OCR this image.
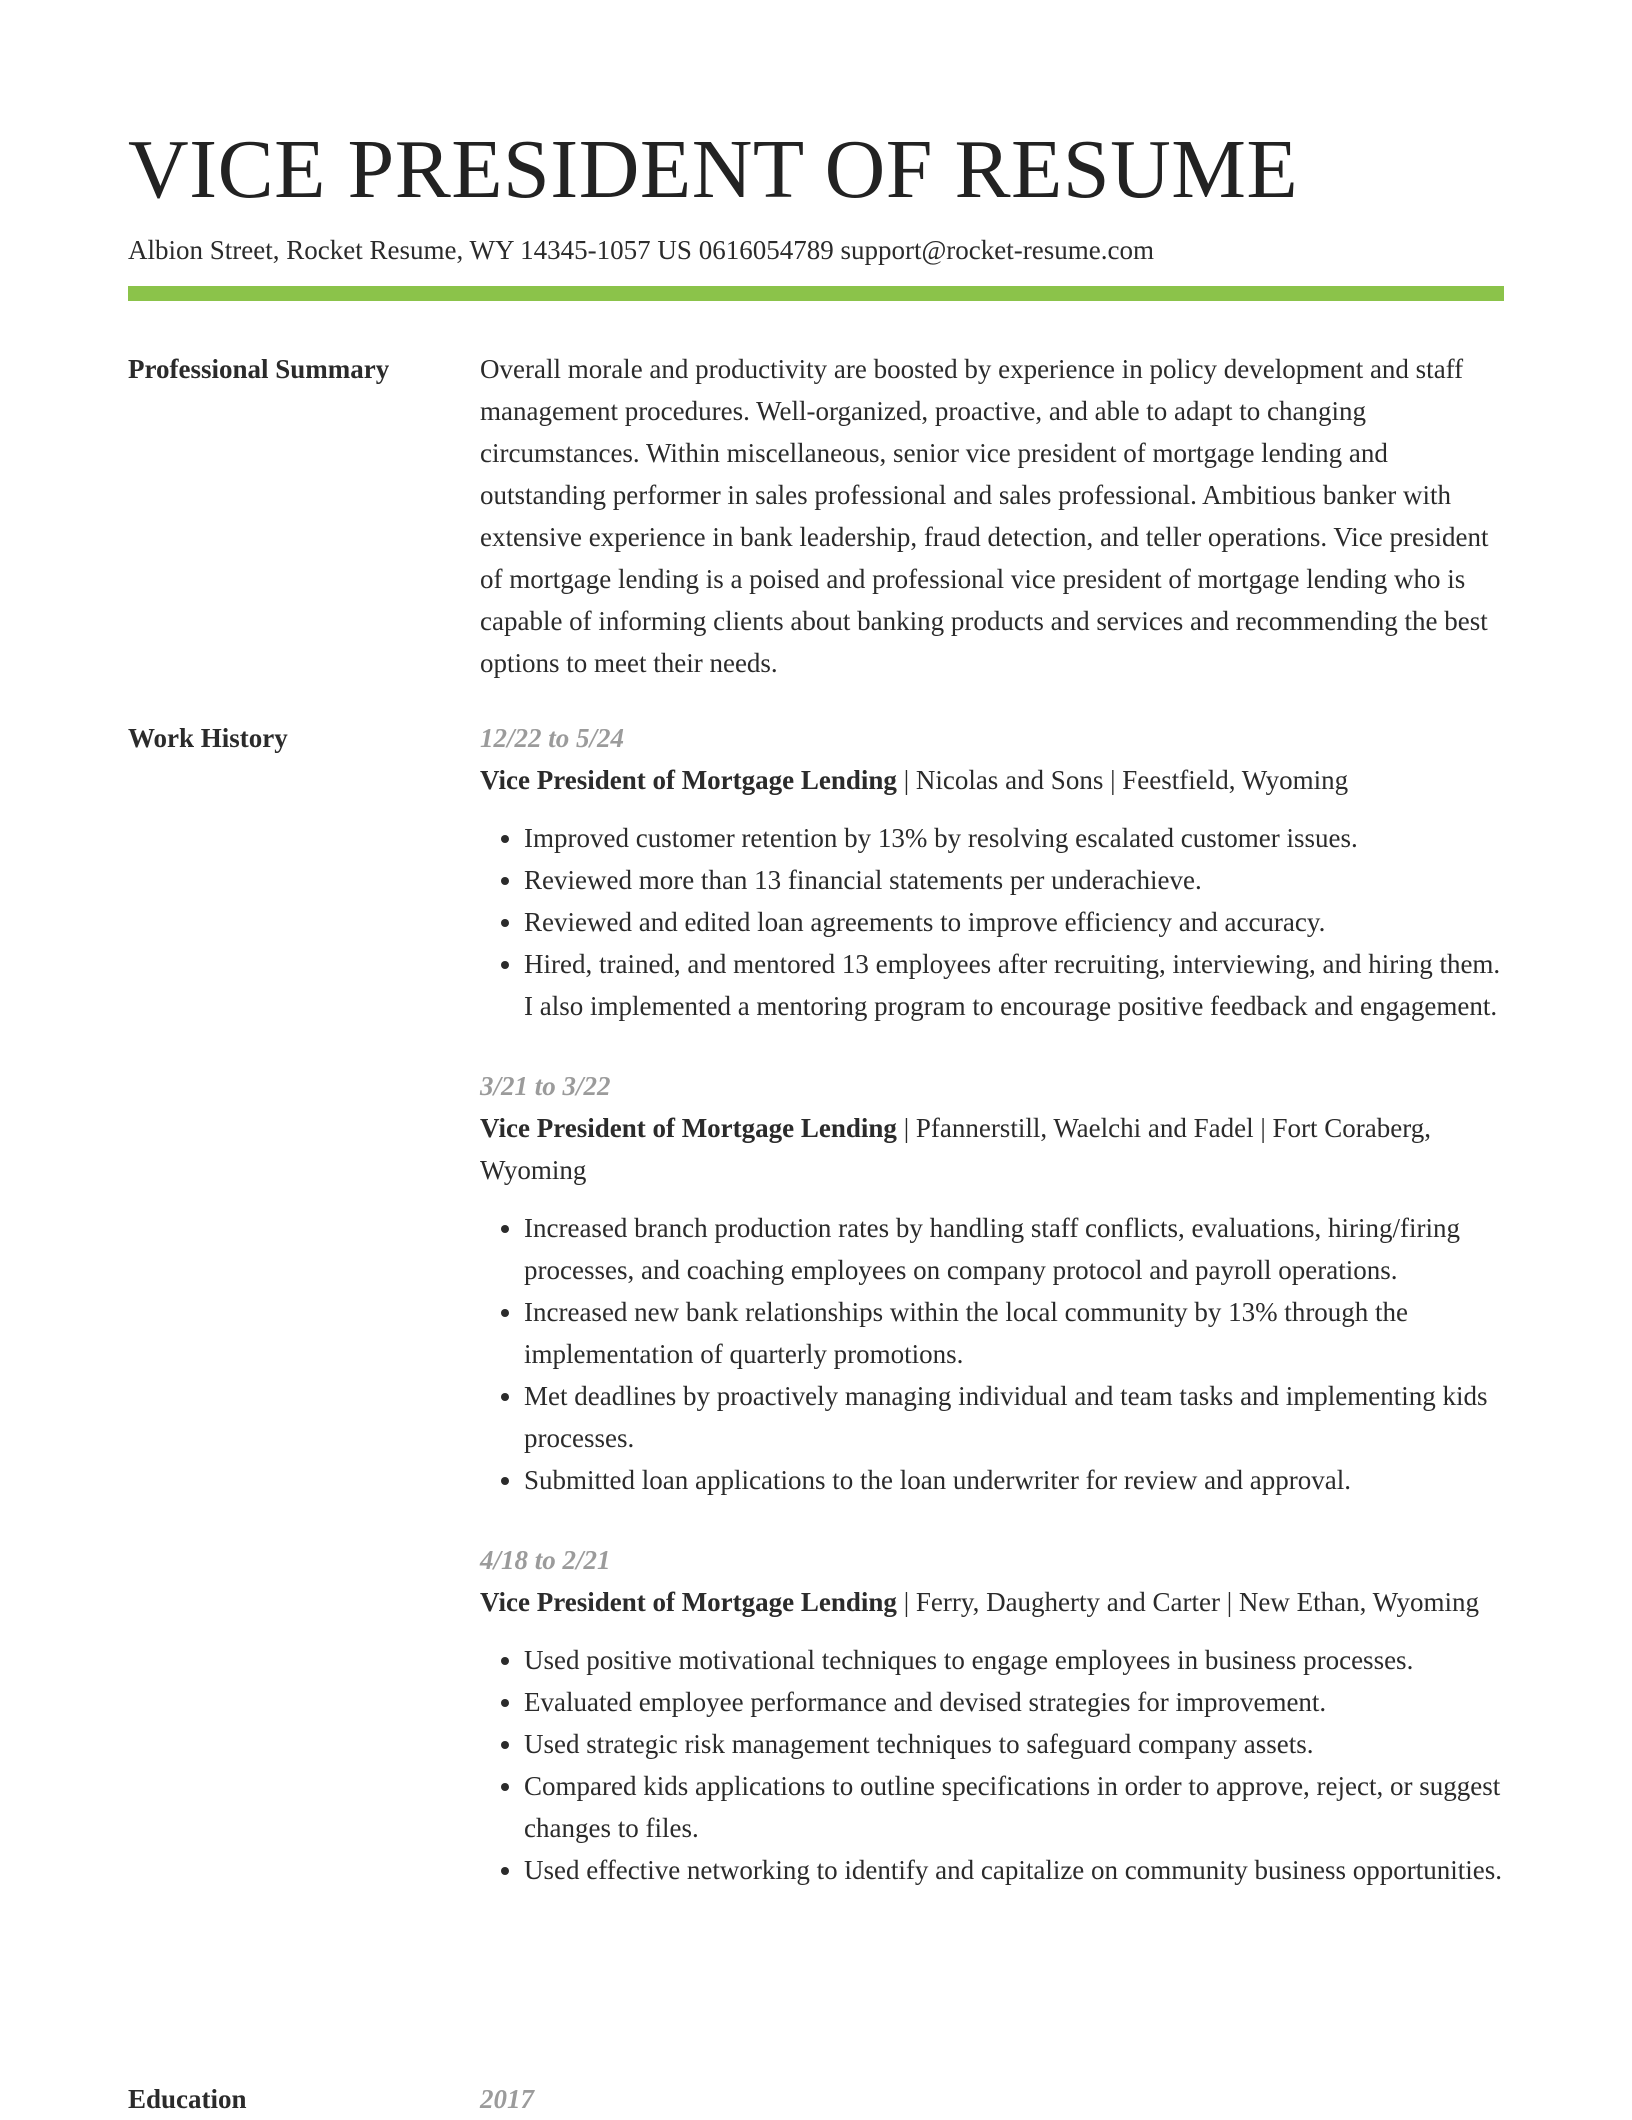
VICE PRESIDENT OF RESUME
Albion Street, Rocket Resume, WY 14345-1057 US 0616054789 support@rocket-resume.com
Professional Summary	Overall morale and productivity are boosted by experience in policy development and staff management procedures. Well-organized, proactive, and able to adapt to changing circumstances. Within miscellaneous, senior vice president of mortgage lending and outstanding performer in sales professional and sales professional. Ambitious banker with extensive experience in bank leadership, fraud detection, and teller operations. Vice president of mortgage lending is a poised and professional vice president of mortgage lending who is capable of informing clients about banking products and services and recommending the best options to meet their needs.

Work History	12/22 to 5/24
Vice President of Mortgage Lending | Nicolas and Sons | Feestfield, Wyoming
• Improved customer retention by 13% by resolving escalated customer issues.
• Reviewed more than 13 financial statements per underachieve.
• Reviewed and edited loan agreements to improve efficiency and accuracy.
• Hired, trained, and mentored 13 employees after recruiting, interviewing, and hiring them. I also implemented a mentoring program to encourage positive feedback and engagement.
3/21 to 3/22
Vice President of Mortgage Lending | Pfannerstill, Waelchi and Fadel | Fort Coraberg, Wyoming
• Increased branch production rates by handling staff conflicts, evaluations, hiring/firing processes, and coaching employees on company protocol and payroll operations.
• Increased new bank relationships within the local community by 13% through the implementation of quarterly promotions.
• Met deadlines by proactively managing individual and team tasks and implementing kids processes.
• Submitted loan applications to the loan underwriter for review and approval.
4/18 to 2/21
Vice President of Mortgage Lending | Ferry, Daugherty and Carter | New Ethan, Wyoming
• Used positive motivational techniques to engage employees in business processes.
• Evaluated employee performance and devised strategies for improvement.
• Used strategic risk management techniques to safeguard company assets.
• Compared kids applications to outline specifications in order to approve, reject, or suggest changes to files.
• Used effective networking to identify and capitalize on community business opportunities.
Education	2017
